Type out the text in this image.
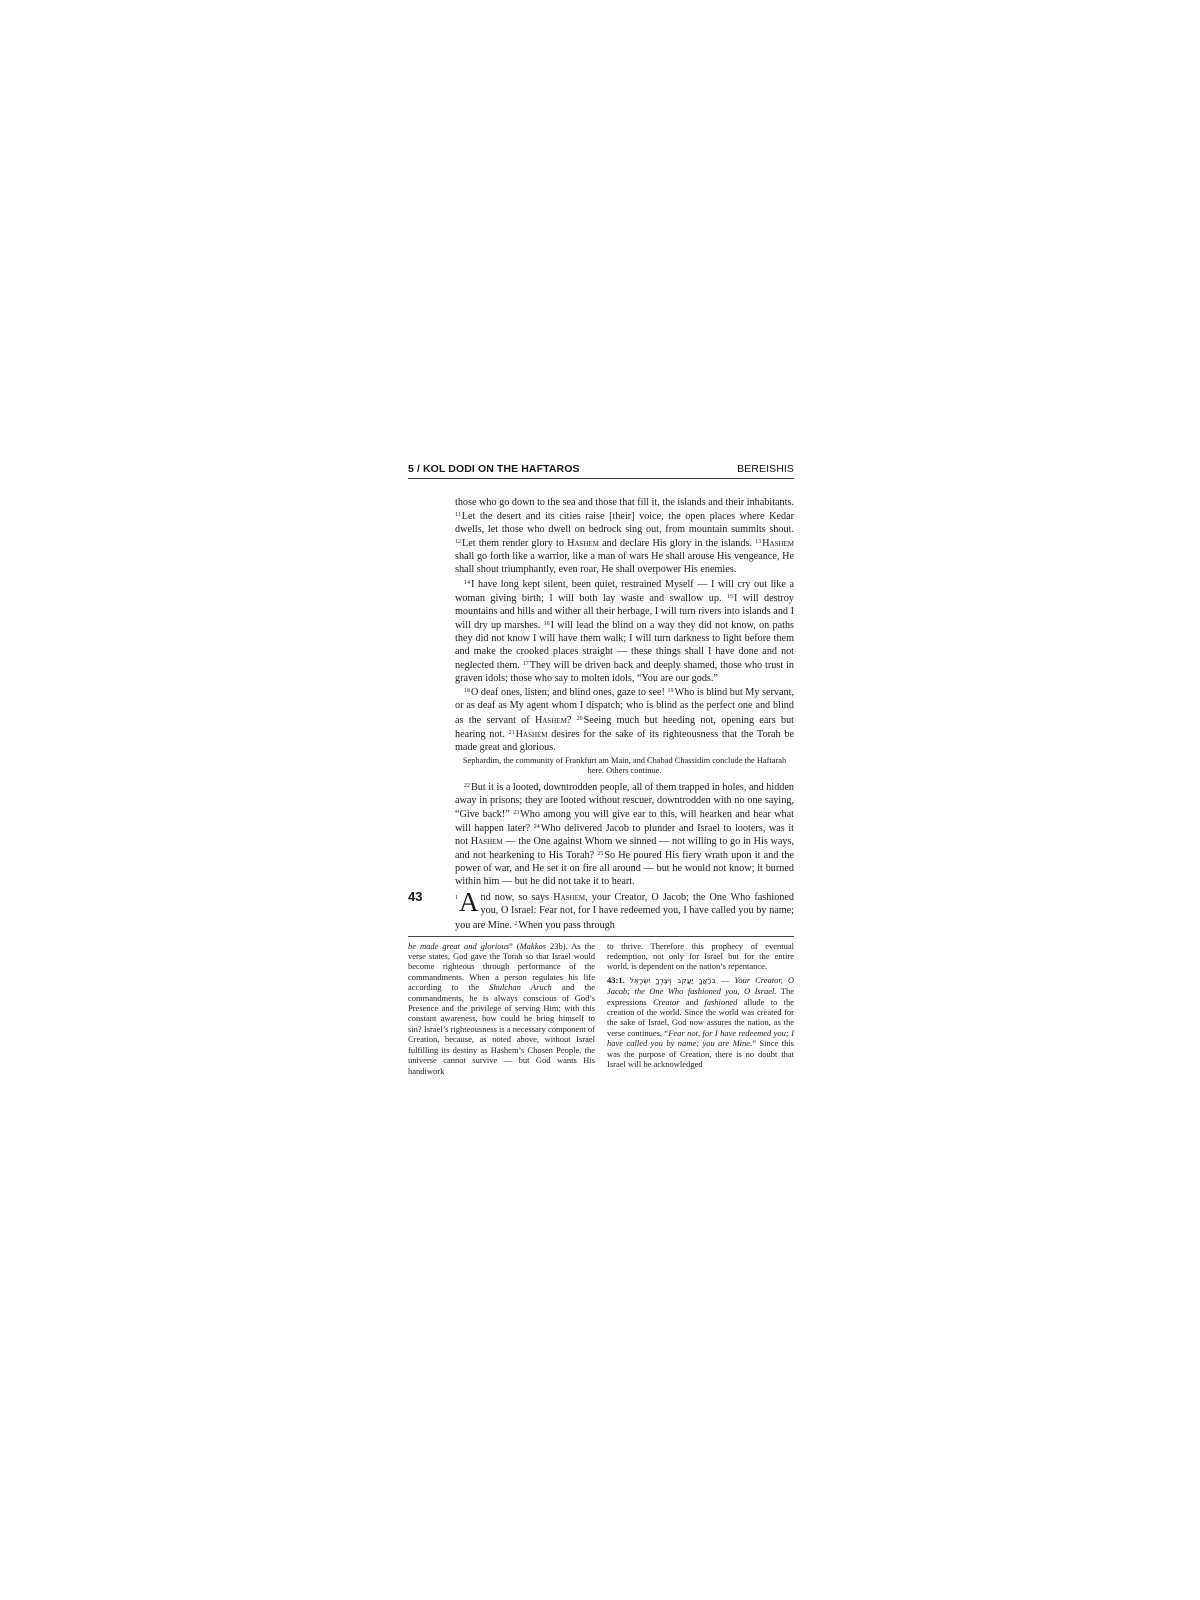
5 / KOL DODI ON THE HAFTAROS	BEREISHIS

those who go down to the sea and those that fill it, the islands and their inhabitants. $^{11}$Let the desert and its cities raise [their] voice, the open places where Kedar dwells, let those who dwell on bedrock sing out, from mountain summits shout. $^{12}$Let them render glory to Hashem and declare His glory in the islands. $^{13}$Hashem shall go forth like a warrior, like a man of wars He shall arouse His vengeance, He shall shout triumphantly, even roar, He shall overpower His enemies.

$^{14}$I have long kept silent, been quiet, restrained Myself — I will cry out like a woman giving birth; I will both lay waste and swallow up. $^{15}$I will destroy mountains and hills and wither all their herbage, I will turn rivers into islands and I will dry up marshes. $^{16}$I will lead the blind on a way they did not know, on paths they did not know I will have them walk; I will turn darkness to light before them and make the crooked places straight — these things shall I have done and not neglected them. $^{17}$They will be driven back and deeply shamed, those who trust in graven idols; those who say to molten idols, “You are our gods.”

$^{18}$O deaf ones, listen; and blind ones, gaze to see! $^{19}$Who is blind but My servant, or as deaf as My agent whom I dispatch; who is blind as the perfect one and blind as the servant of Hashem? $^{20}$Seeing much but heeding not, opening ears but hearing not. $^{21}$Hashem desires for the sake of its righteousness that the Torah be made great and glorious.

Sephardim, the community of Frankfurt am Main, and Chabad Chassidim conclude the Haftarah here. Others continue.

$^{22}$But it is a looted, downtrodden people, all of them trapped in holes, and hidden away in prisons; they are looted without rescuer, downtrodden with no one saying, “Give back!” $^{23}$Who among you will give ear to this, will hearken and hear what will happen later? $^{24}$Who delivered Jacob to plunder and Israel to looters, was it not Hashem — the One against Whom we sinned — not willing to go in His ways, and not hearkening to His Torah? $^{25}$So He poured His fiery wrath upon it and the power of war, and He set it on fire all around — but he would not know; it burned within him — but he did not take it to heart.

43	1 A nd now, so says Hashem, your Creator, O Jacob; the One Who fashioned you, O Israel: Fear not, for I have redeemed you, I have called you by name; you are Mine. $^2$When you pass through

be made great and glorious” (Makkos 23b). As the verse states, God gave the Torah so that Israel would become righteous through performance of the commandments. When a person regulates his life according to the Shulchan Aruch and the commandments, he is always conscious of God’s Presence and the privilege of serving Him; with this constant awareness, how could he bring himself to sin? Israel’s righteousness is a necessary component of Creation, because, as noted above, without Israel fulfilling its destiny as Hashem’s Chosen People, the universe cannot survive — but God wants His handiwork

to thrive. Therefore this prophecy of eventual redemption, not only for Israel but for the entire world, is dependent on the nation’s repentance.

43:1. בֹּרַאֲךָ יַעֲקֹב וְיֹצֶרְךָ יִשְׂרָאֵל — Your Creator, O Jacob; the One Who fashioned you, O Israel. The expressions Creator and fashioned allude to the creation of the world. Since the world was created for the sake of Israel, God now assures the nation, as the verse continues, “Fear not, for I have redeemed you; I have called you by name; you are Mine.” Since this was the purpose of Creation, there is no doubt that Israel will be acknowledged
